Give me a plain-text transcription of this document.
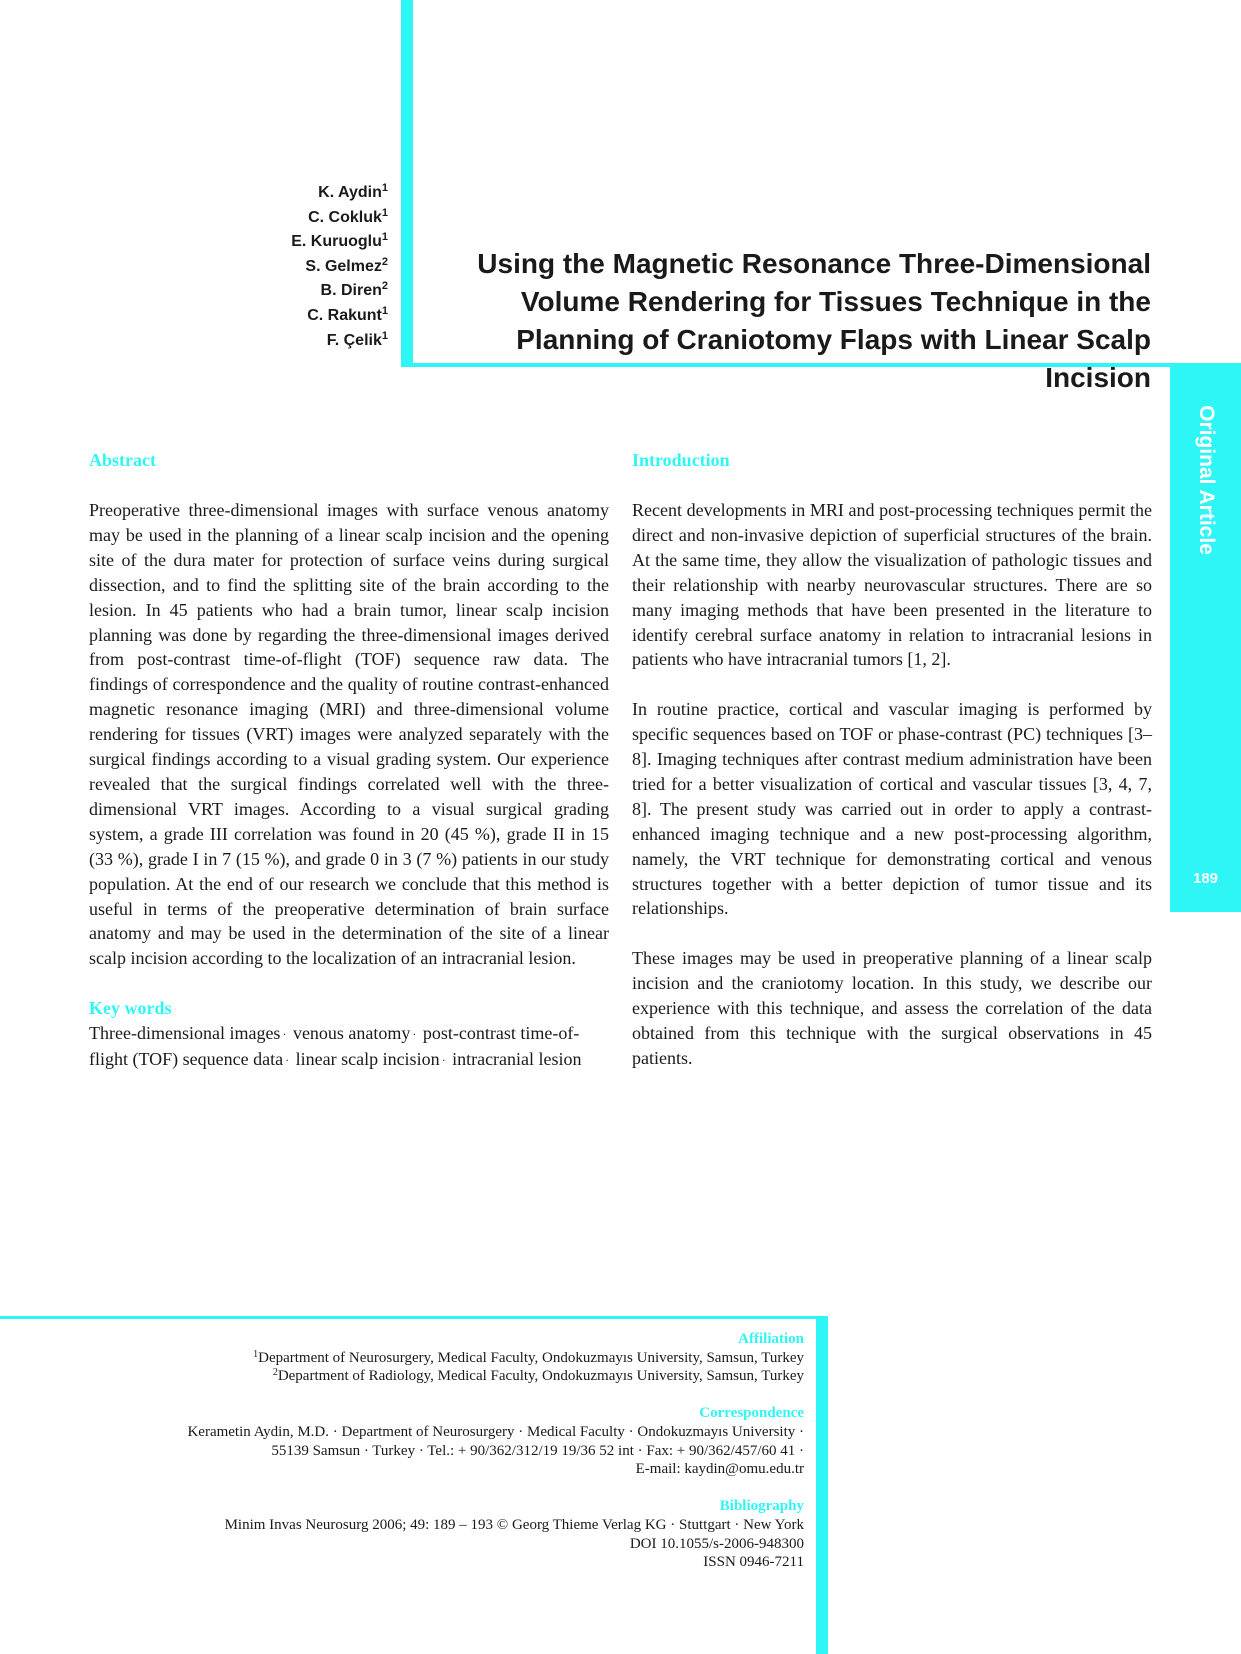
Original Article
189
K. Aydin$^1$
C. Cokluk$^1$
E. Kuruoglu$^1$
S. Gelmez$^2$
B. Diren$^2$
C. Rakunt$^1$
F. Çelik$^1$
Using the Magnetic Resonance Three-Dimensional
Volume Rendering for Tissues Technique in the
Planning of Craniotomy Flaps with Linear Scalp Incision
Abstract

Preoperative three-dimensional images with surface venous anatomy may be used in the planning of a linear scalp incision and the opening site of the dura mater for protection of surface veins during surgical dissection, and to find the splitting site of the brain according to the lesion. In 45 patients who had a brain tumor, linear scalp incision planning was done by regarding the three-dimensional images derived from post-contrast time-of-flight (TOF) sequence raw data. The findings of correspondence and the quality of routine contrast-enhanced magnetic resonance imaging (MRI) and three-dimensional volume rendering for tissues (VRT) images were analyzed separately with the surgical findings according to a visual grading system. Our experience revealed that the surgical findings correlated well with the three-dimensional VRT images. According to a visual surgical grading system, a grade III correlation was found in 20 (45 %), grade II in 15 (33 %), grade I in 7 (15 %), and grade 0 in 3 (7 %) patients in our study population. At the end of our research we conclude that this method is useful in terms of the preoperative determination of brain surface anatomy and may be used in the determination of the site of a linear scalp incision according to the localization of an intracranial lesion.

Key words
Three-dimensional images · venous anatomy · post-contrast time-of-flight (TOF) sequence data · linear scalp incision · intracranial lesion
Introduction

Recent developments in MRI and post-processing techniques permit the direct and non-invasive depiction of superficial structures of the brain. At the same time, they allow the visualization of pathologic tissues and their relationship with nearby neurovascular structures. There are so many imaging methods that have been presented in the literature to identify cerebral surface anatomy in relation to intracranial lesions in patients who have intracranial tumors [1, 2].

In routine practice, cortical and vascular imaging is performed by specific sequences based on TOF or phase-contrast (PC) techniques [3–8]. Imaging techniques after contrast medium administration have been tried for a better visualization of cortical and vascular tissues [3, 4, 7, 8]. The present study was carried out in order to apply a contrast-enhanced imaging technique and a new post-processing algorithm, namely, the VRT technique for demonstrating cortical and venous structures together with a better depiction of tumor tissue and its relationships.

These images may be used in preoperative planning of a linear scalp incision and the craniotomy location. In this study, we describe our experience with this technique, and assess the correlation of the data obtained from this technique with the surgical observations in 45 patients.

Affiliation
$^1$Department of Neurosurgery, Medical Faculty, Ondokuzmayıs University, Samsun, Turkey
$^2$Department of Radiology, Medical Faculty, Ondokuzmayıs University, Samsun, Turkey
Correspondence
Kerametin Aydin, M.D. · Department of Neurosurgery · Medical Faculty · Ondokuzmayıs University ·
55139 Samsun · Turkey · Tel.: + 90/362/312/19 19/36 52 int · Fax: + 90/362/457/60 41 ·
E-mail: kaydin@omu.edu.tr
Bibliography
Minim Invas Neurosurg 2006; 49: 189 – 193 © Georg Thieme Verlag KG · Stuttgart · New York
DOI 10.1055/s-2006-948300
ISSN 0946-7211
